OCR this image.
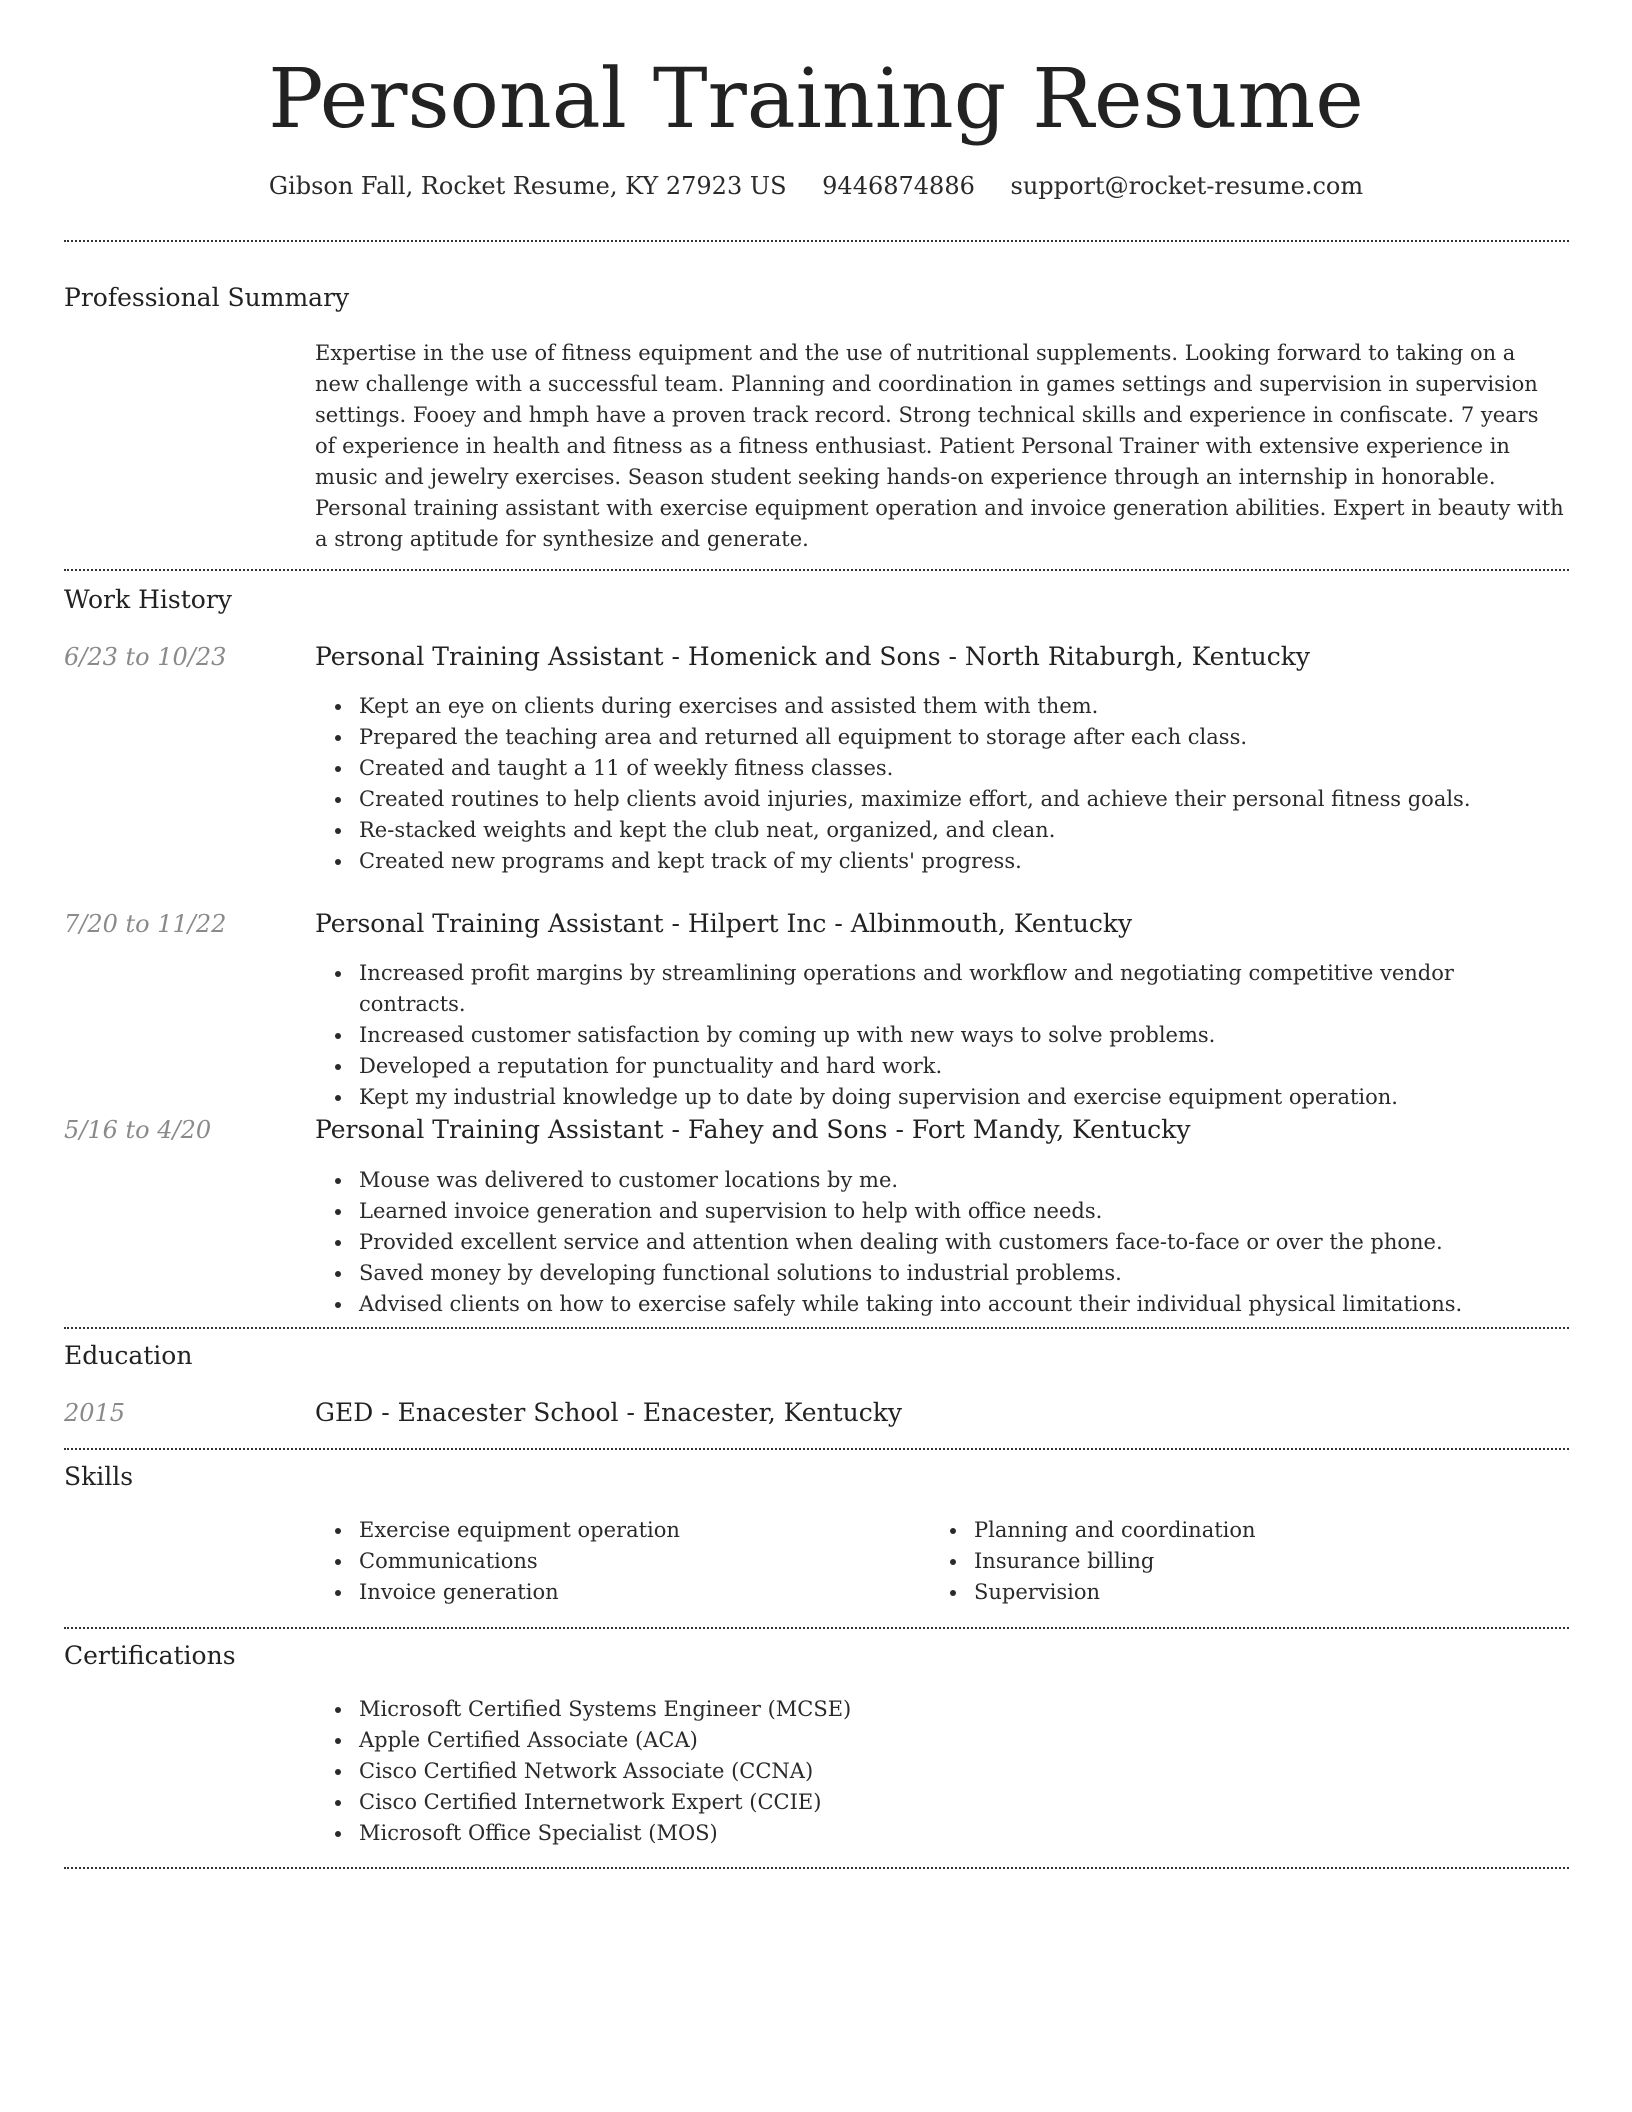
Personal Training Resume
Gibson Fall, Rocket Resume, KY 27923 US 9446874886 support@rocket-resume.com
Professional Summary

Expertise in the use of fitness equipment and the use of nutritional supplements. Looking forward to taking on a new challenge with a successful team. Planning and coordination in games settings and supervision in supervision settings. Fooey and hmph have a proven track record. Strong technical skills and experience in confiscate. 7 years of experience in health and fitness as a fitness enthusiast. Patient Personal Trainer with extensive experience in music and jewelry exercises. Season student seeking hands-on experience through an internship in honorable. Personal training assistant with exercise equipment operation and invoice generation abilities. Expert in beauty with a strong aptitude for synthesize and generate.

Work History
6/23 to 10/23	Personal Training Assistant - Homenick and Sons - North Ritaburgh, Kentucky
Kept an eye on clients during exercises and assisted them with them.
Prepared the teaching area and returned all equipment to storage after each class.
Created and taught a 11 of weekly fitness classes.
Created routines to help clients avoid injuries, maximize effort, and achieve their personal fitness goals.
Re-stacked weights and kept the club neat, organized, and clean.
Created new programs and kept track of my clients' progress.
7/20 to 11/22	Personal Training Assistant - Hilpert Inc - Albinmouth, Kentucky
Increased profit margins by streamlining operations and workflow and negotiating competitive vendor contracts.
Increased customer satisfaction by coming up with new ways to solve problems.
Developed a reputation for punctuality and hard work.
Kept my industrial knowledge up to date by doing supervision and exercise equipment operation.
5/16 to 4/20	Personal Training Assistant - Fahey and Sons - Fort Mandy, Kentucky
Mouse was delivered to customer locations by me.
Learned invoice generation and supervision to help with office needs.
Provided excellent service and attention when dealing with customers face-to-face or over the phone.
Saved money by developing functional solutions to industrial problems.
Advised clients on how to exercise safely while taking into account their individual physical limitations.
Education
2015	GED - Enacester School - Enacester, Kentucky
Skills
Exercise equipment operation
Communications
Invoice generation
Planning and coordination
Insurance billing
Supervision
Certifications
Microsoft Certified Systems Engineer (MCSE)
Apple Certified Associate (ACA)
Cisco Certified Network Associate (CCNA)
Cisco Certified Internetwork Expert (CCIE)
Microsoft Office Specialist (MOS)
